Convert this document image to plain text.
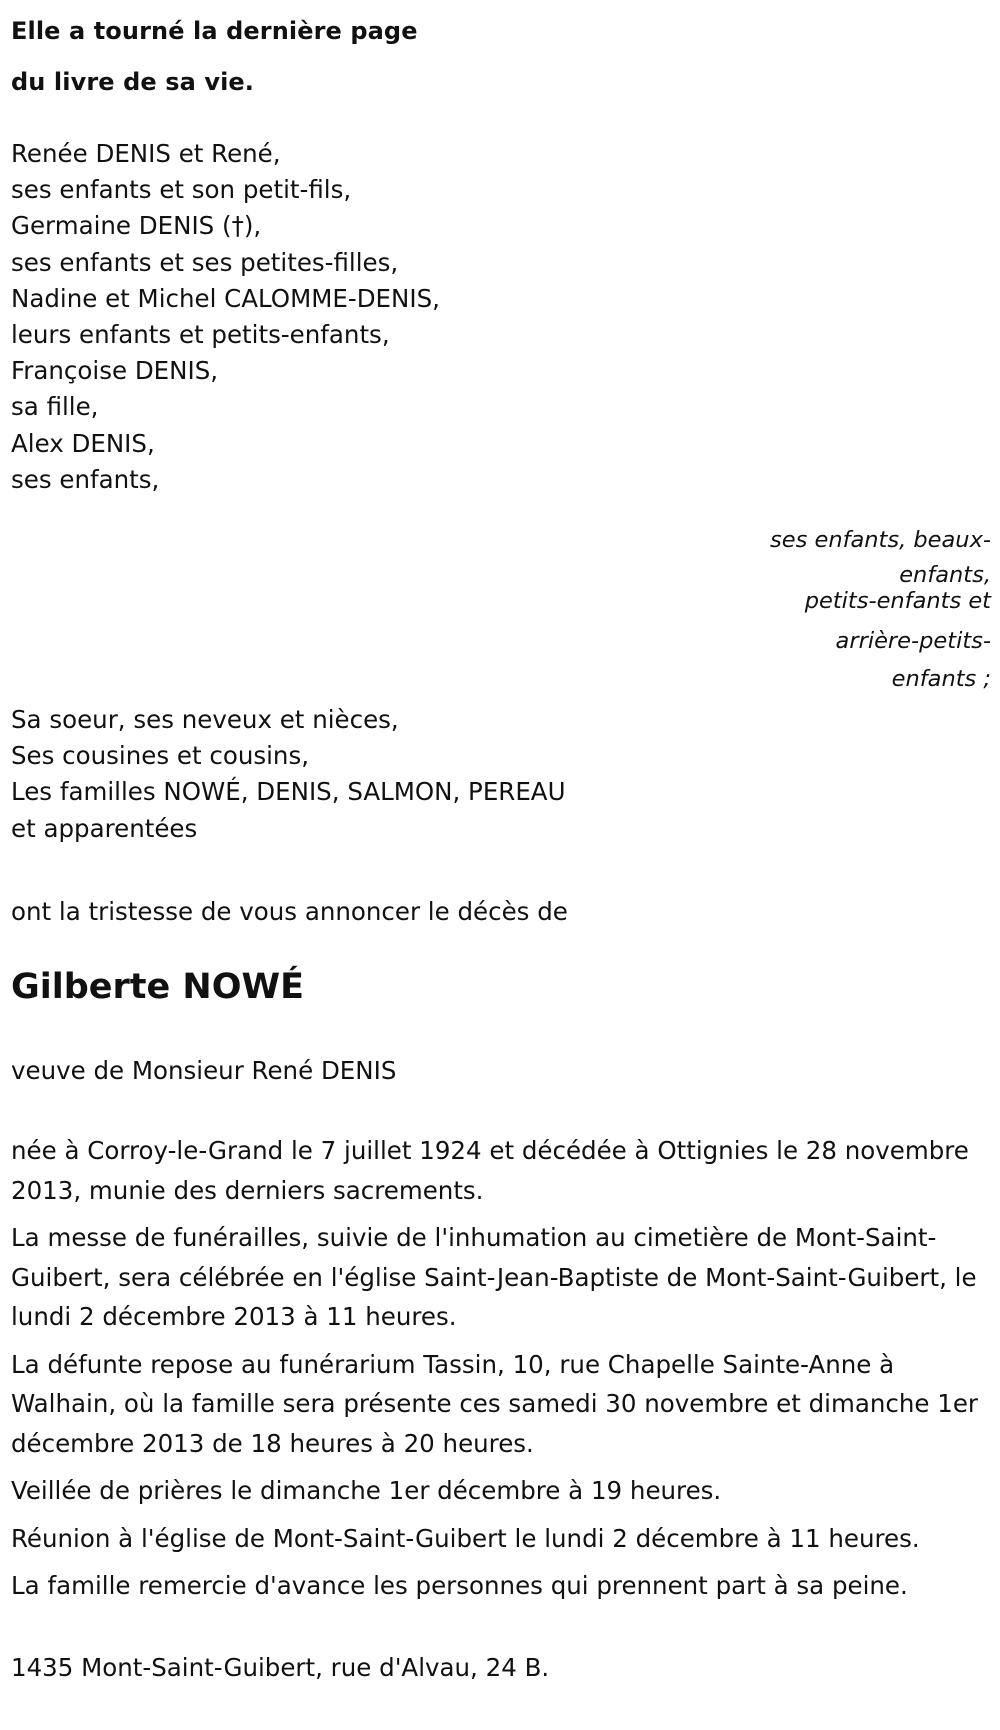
Elle a tourné la dernière page
du livre de sa vie.
Renée DENIS et René,
ses enfants et son petit-fils,
Germaine DENIS (†),
ses enfants et ses petites-filles,
Nadine et Michel CALOMME-DENIS,
leurs enfants et petits-enfants,
Françoise DENIS,
sa fille,
Alex DENIS,
ses enfants,
ses enfants, beaux-
enfants,
petits-enfants et
arrière-petits-
enfants ;
Sa soeur, ses neveux et nièces,
Ses cousines et cousins,
Les familles NOWÉ, DENIS, SALMON, PEREAU
et apparentées
ont la tristesse de vous annoncer le décès de
Gilberte NOWÉ
veuve de Monsieur René DENIS

née à Corroy-le-Grand le 7 juillet 1924 et décédée à Ottignies le 28 novembre 2013, munie des derniers sacrements.

La messe de funérailles, suivie de l'inhumation au cimetière de Mont-Saint-Guibert, sera célébrée en l'église Saint-Jean-Baptiste de Mont-Saint-Guibert, le lundi 2 décembre 2013 à 11 heures.

La défunte repose au funérarium Tassin, 10, rue Chapelle Sainte-Anne à Walhain, où la famille sera présente ces samedi 30 novembre et dimanche 1er décembre 2013 de 18 heures à 20 heures.

Veillée de prières le dimanche 1er décembre à 19 heures.

Réunion à l'église de Mont-Saint-Guibert le lundi 2 décembre à 11 heures.

La famille remercie d'avance les personnes qui prennent part à sa peine.

1435 Mont-Saint-Guibert, rue d'Alvau, 24 B.
